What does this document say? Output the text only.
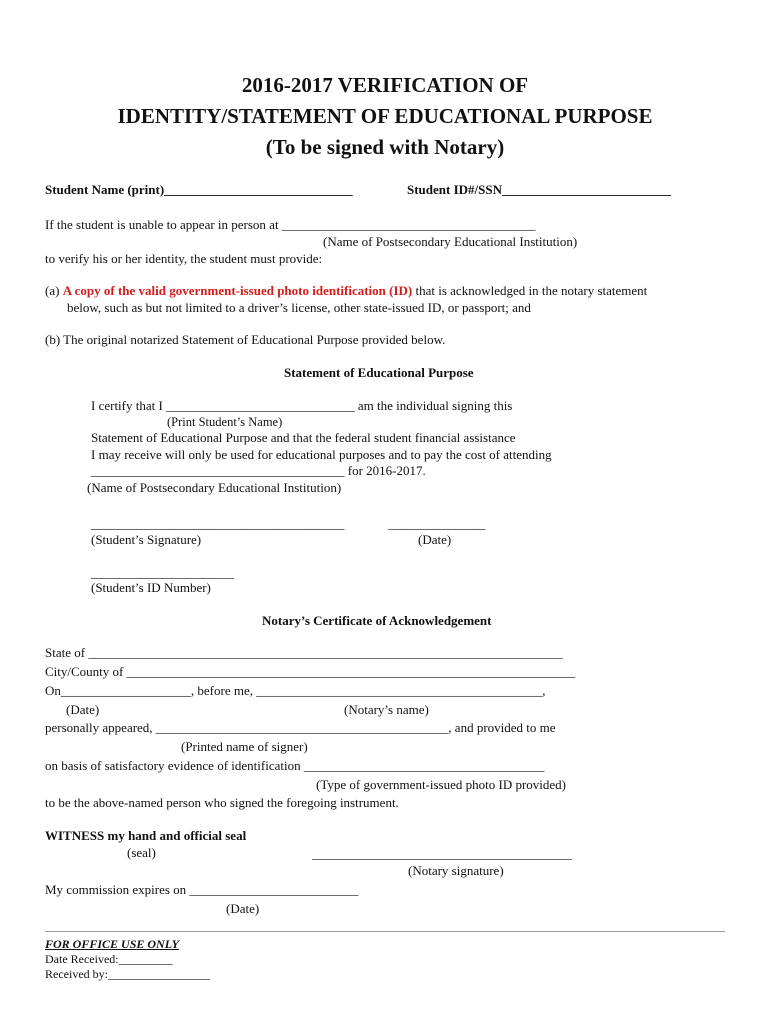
2016-2017 VERIFICATION OF
IDENTITY/STATEMENT OF EDUCATIONAL PURPOSE
(To be signed with Notary)
Student Name (print)_____________________________	Student ID#/SSN__________________________
If the student is unable to appear in person at _______________________________________
(Name of Postsecondary Educational Institution)
to verify his or her identity, the student must provide:
(a) A copy of the valid government-issued photo identification (ID) that is acknowledged in the notary statement
below, such as but not limited to a driver’s license, other state-issued ID, or passport; and
(b) The original notarized Statement of Educational Purpose provided below.
Statement of Educational Purpose
I certify that I _____________________________ am the individual signing this
(Print Student’s Name)
Statement of Educational Purpose and that the federal student financial assistance
I may receive will only be used for educational purposes and to pay the cost of attending
_______________________________________ for 2016-2017.
(Name of Postsecondary Educational Institution)
_______________________________________	_______________
(Student’s Signature)	(Date)
______________________
(Student’s ID Number)
Notary’s Certificate of Acknowledgement
State of _________________________________________________________________________
City/County of _____________________________________________________________________
On____________________, before me, ____________________________________________,
(Date)	(Notary’s name)
personally appeared, _____________________________________________, and provided to me
(Printed name of signer)
on basis of satisfactory evidence of identification _____________________________________
(Type of government-issued photo ID provided)
to be the above-named person who signed the foregoing instrument.
WITNESS my hand and official seal
(seal)	________________________________________
(Notary signature)
My commission expires on __________________________
(Date)
FOR OFFICE USE ONLY
Date Received:_________
Received by:_________________
